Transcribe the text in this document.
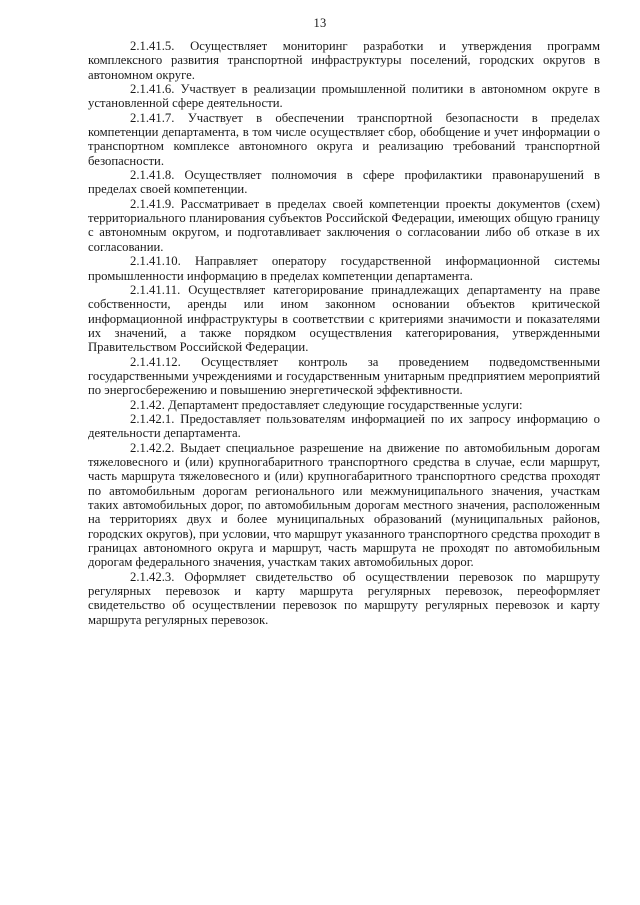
13

2.1.41.5. Осуществляет мониторинг разработки и утверждения программ комплексного развития транспортной инфраструктуры поселений, городских округов в автономном округе.

2.1.41.6. Участвует в реализации промышленной политики в автономном округе в установленной сфере деятельности.

2.1.41.7. Участвует в обеспечении транспортной безопасности в пределах компетенции департамента, в том числе осуществляет сбор, обобщение и учет информации о транспортном комплексе автономного округа и реализацию требований транспортной безопасности.

2.1.41.8. Осуществляет полномочия в сфере профилактики правонарушений в пределах своей компетенции.

2.1.41.9. Рассматривает в пределах своей компетенции проекты документов (схем) территориального планирования субъектов Российской Федерации, имеющих общую границу с автономным округом, и подготавливает заключения о согласовании либо об отказе в их согласовании.

2.1.41.10. Направляет оператору государственной информационной системы промышленности информацию в пределах компетенции департамента.

2.1.41.11. Осуществляет категорирование принадлежащих департаменту на праве собственности, аренды или ином законном основании объектов критической информационной инфраструктуры в соответствии с критериями значимости и показателями их значений, а также порядком осуществления категорирования, утвержденными Правительством Российской Федерации.

2.1.41.12. Осуществляет контроль за проведением подведомственными государственными учреждениями и государственным унитарным предприятием мероприятий по энергосбережению и повышению энергетической эффективности.

2.1.42. Департамент предоставляет следующие государственные услуги:

2.1.42.1. Предоставляет пользователям информацией по их запросу информацию о деятельности департамента.

2.1.42.2. Выдает специальное разрешение на движение по автомобильным дорогам тяжеловесного и (или) крупногабаритного транспортного средства в случае, если маршрут, часть маршрута тяжеловесного и (или) крупногабаритного транспортного средства проходят по автомобильным дорогам регионального или межмуниципального значения, участкам таких автомобильных дорог, по автомобильным дорогам местного значения, расположенным на территориях двух и более муниципальных образований (муниципальных районов, городских округов), при условии, что маршрут указанного транспортного средства проходит в границах автономного округа и маршрут, часть маршрута не проходят по автомобильным дорогам федерального значения, участкам таких автомобильных дорог.

2.1.42.3. Оформляет свидетельство об осуществлении перевозок по маршруту регулярных перевозок и карту маршрута регулярных перевозок, переоформляет свидетельство об осуществлении перевозок по маршруту регулярных перевозок и карту маршрута регулярных перевозок.
